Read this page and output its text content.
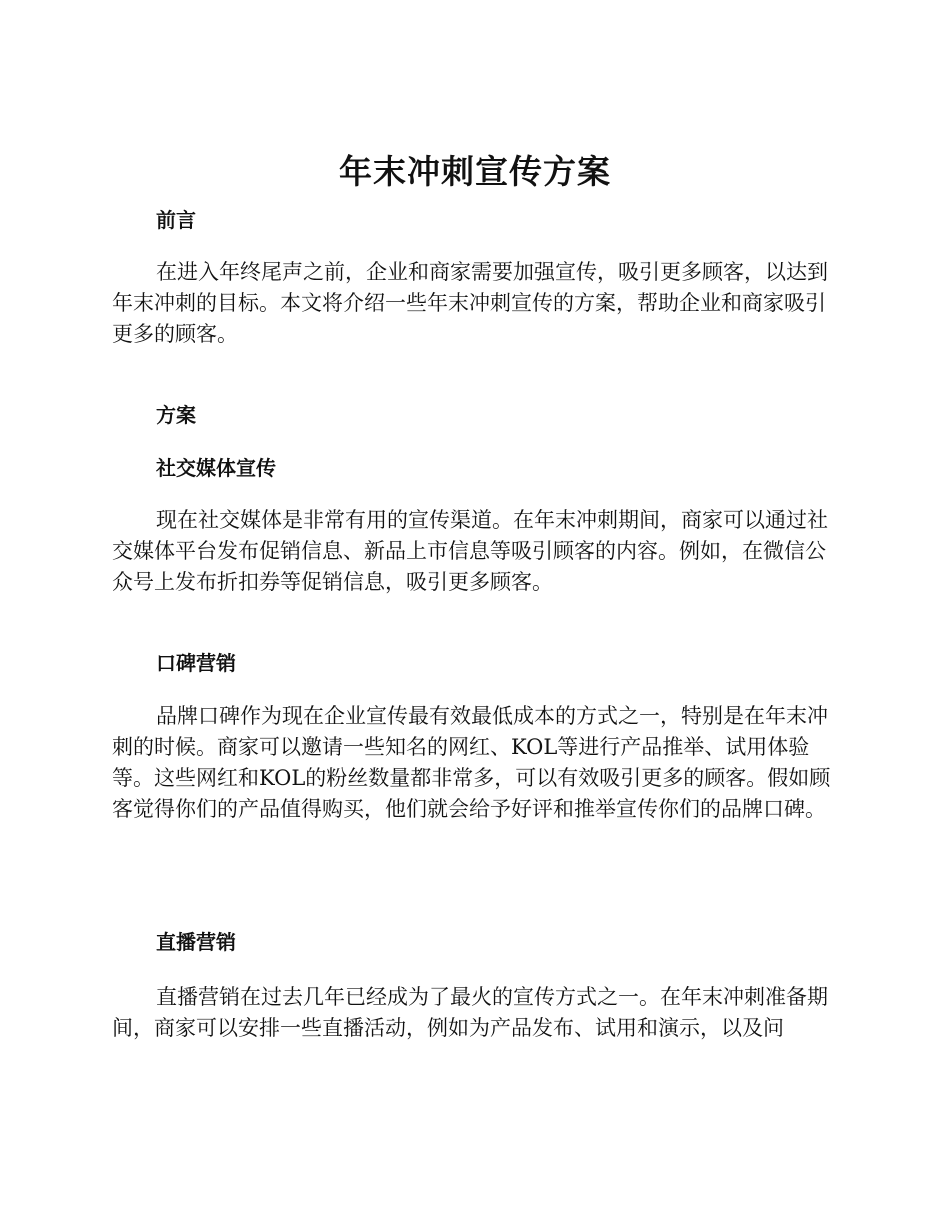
年末冲刺宣传方案
前言

在进入年终尾声之前，企业和商家需要加强宣传，吸引更多顾客，以达到年末冲刺的目标。本文将介绍一些年末冲刺宣传的方案，帮助企业和商家吸引更多的顾客。

方案
社交媒体宣传

现在社交媒体是非常有用的宣传渠道。在年末冲刺期间，商家可以通过社交媒体平台发布促销信息、新品上市信息等吸引顾客的内容。例如，在微信公众号上发布折扣券等促销信息，吸引更多顾客。

口碑营销

品牌口碑作为现在企业宣传最有效最低成本的方式之一，特别是在年末冲刺的时候。商家可以邀请一些知名的网红、KOL等进行产品推举、试用体验等。这些网红和KOL的粉丝数量都非常多，可以有效吸引更多的顾客。假如顾客觉得你们的产品值得购买，他们就会给予好评和推举宣传你们的品牌口碑。

直播营销

直播营销在过去几年已经成为了最火的宣传方式之一。在年末冲刺准备期间，商家可以安排一些直播活动，例如为产品发布、试用和演示，以及问
